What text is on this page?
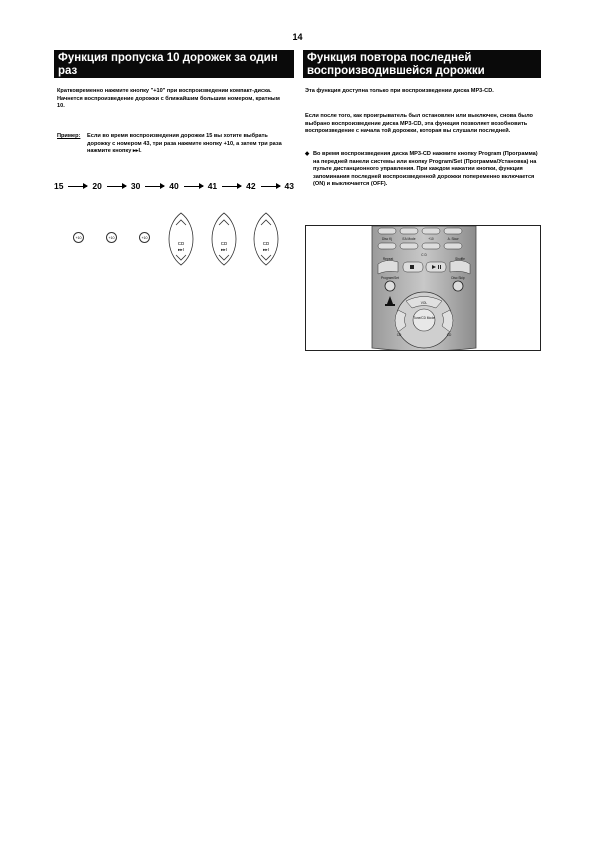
14
Функция пропуска 10 дорожек за один раз
Кратковременно нажмите кнопку "+10" при воспроизведении компакт-диска. Начнется воспроизведение дорожки с ближайшим большим номером, кратным 10.
Пример:	Если во время воспроизведения дорожки 15 вы хотите выбрать дорожку с номером 43, три раза нажмите кнопку +10, а затем три раза нажмите кнопку ▸▸I.
15	20	30	40	41	42	43
+10	+10	+10
CD
▸▸I
CD
▸▸I
CD
▸▸I
Функция повтора последней воспроизводившейся дорожки
Эта функция доступна только при воспроизведении диска MP3-CD.
Если после того, как проигрыватель был остановлен или выключен, снова было выбрано воспроизведение диска MP3-CD, эта функция позволяет возобновить воспроизведение с начала той дорожки, которая вы слушали последней.
◆ Во время воспроизведения диска MP3-CD нажмите кнопку Program (Программа) на передней панели системы или кнопку Program/Set (Программа/Установка) на пульте дистанционного управления. При каждом нажатии кнопки, функция запоминания последней воспроизведенной дорожки попеременно включается (ON) и выключается (OFF).
Disc Kj	EA Mode	+10	A. Slow
C D
Repeat	Shuffle
Program/Set	Disc Skip
VOL
Tune/CD Mode
CD	CD
